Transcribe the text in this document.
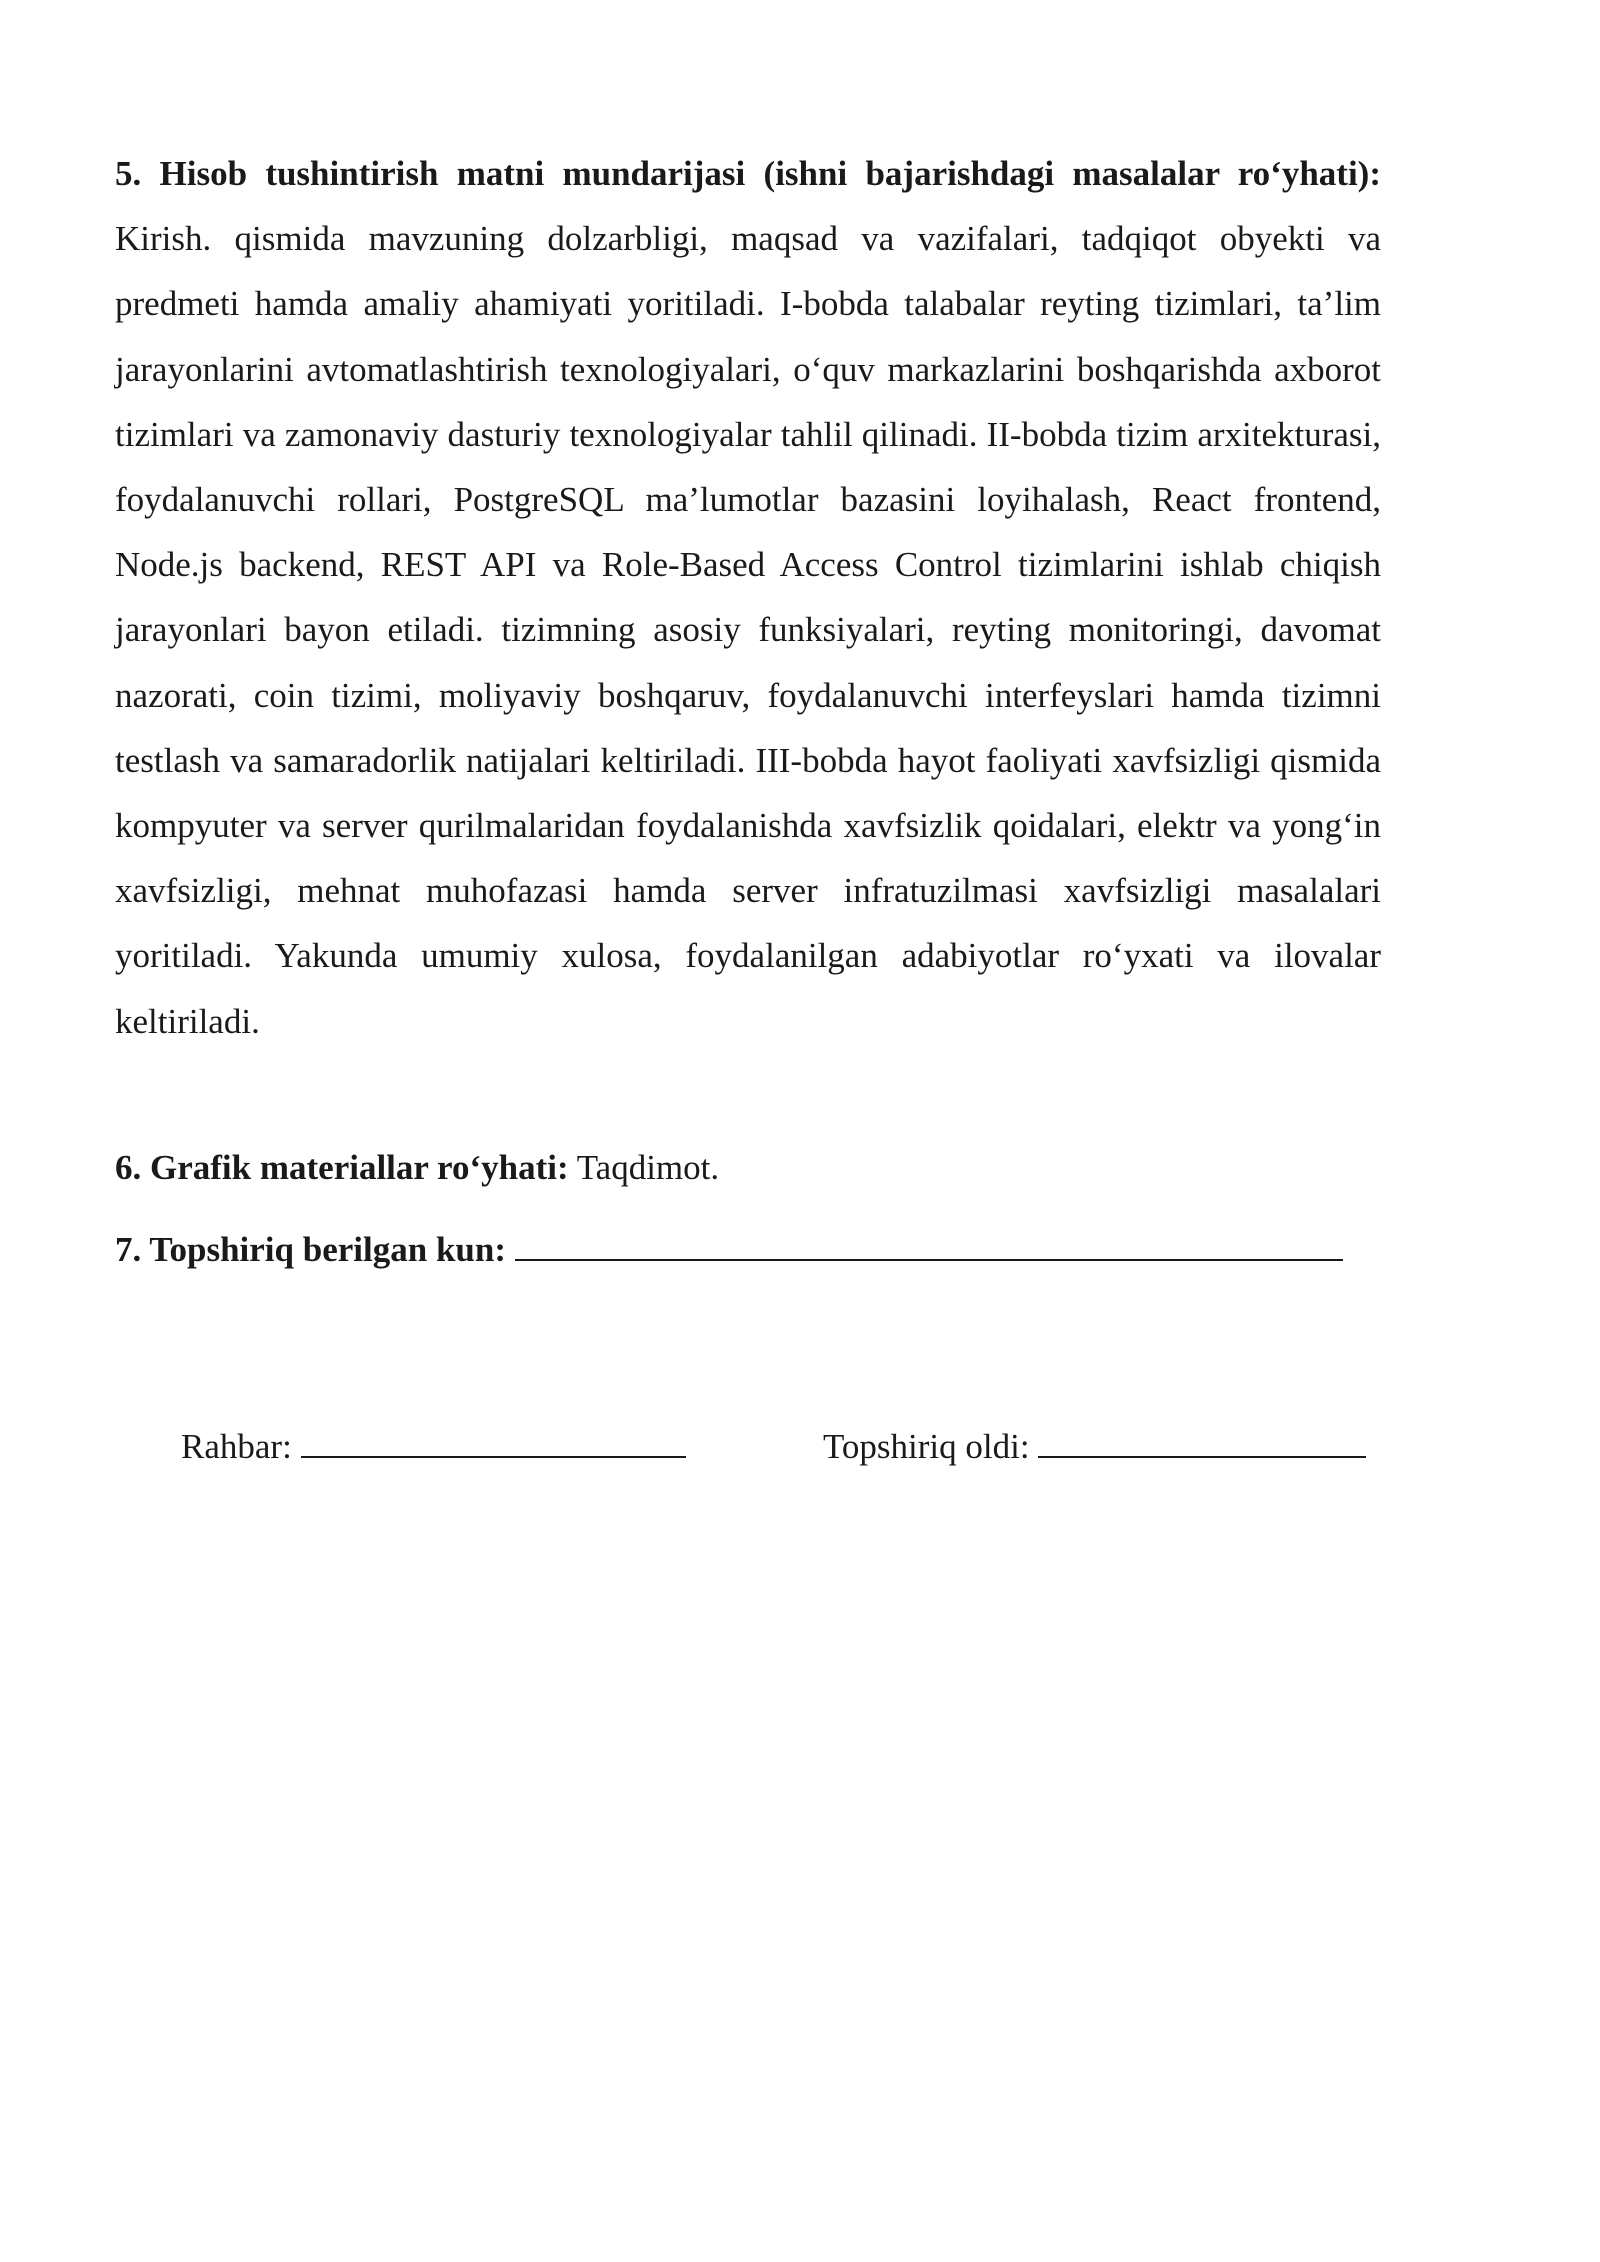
5. Hisob tushintirish matni mundarijasi (ishni bajarishdagi masalalar ro‘yhati): Kirish. qismida mavzuning dolzarbligi, maqsad va vazifalari, tadqiqot obyekti va predmeti hamda amaliy ahamiyati yoritiladi. I-bobda talabalar reyting tizimlari, ta’lim jarayonlarini avtomatlashtirish texnologiyalari, o‘quv markazlarini boshqarishda axborot tizimlari va zamonaviy dasturiy texnologiyalar tahlil qilinadi. II-bobda tizim arxitekturasi, foydalanuvchi rollari, PostgreSQL ma’lumotlar bazasini loyihalash, React frontend, Node.js backend, REST API va Role-Based Access Control tizimlarini ishlab chiqish jarayonlari bayon etiladi. tizimning asosiy funksiyalari, reyting monitoringi, davomat nazorati, coin tizimi, moliyaviy boshqaruv, foydalanuvchi interfeyslari hamda tizimni testlash va samaradorlik natijalari keltiriladi. III-bobda hayot faoliyati xavfsizligi qismida kompyuter va server qurilmalaridan foydalanishda xavfsizlik qoidalari, elektr va yong‘in xavfsizligi, mehnat muhofazasi hamda server infratuzilmasi xavfsizligi masalalari yoritiladi. Yakunda umumiy xulosa, foydalanilgan adabiyotlar ro‘yxati va ilovalar keltiriladi.

6. Grafik materiallar ro‘yhati: Taqdimot.

7. Topshiriq berilgan kun:

Rahbar:	Topshiriq oldi:
